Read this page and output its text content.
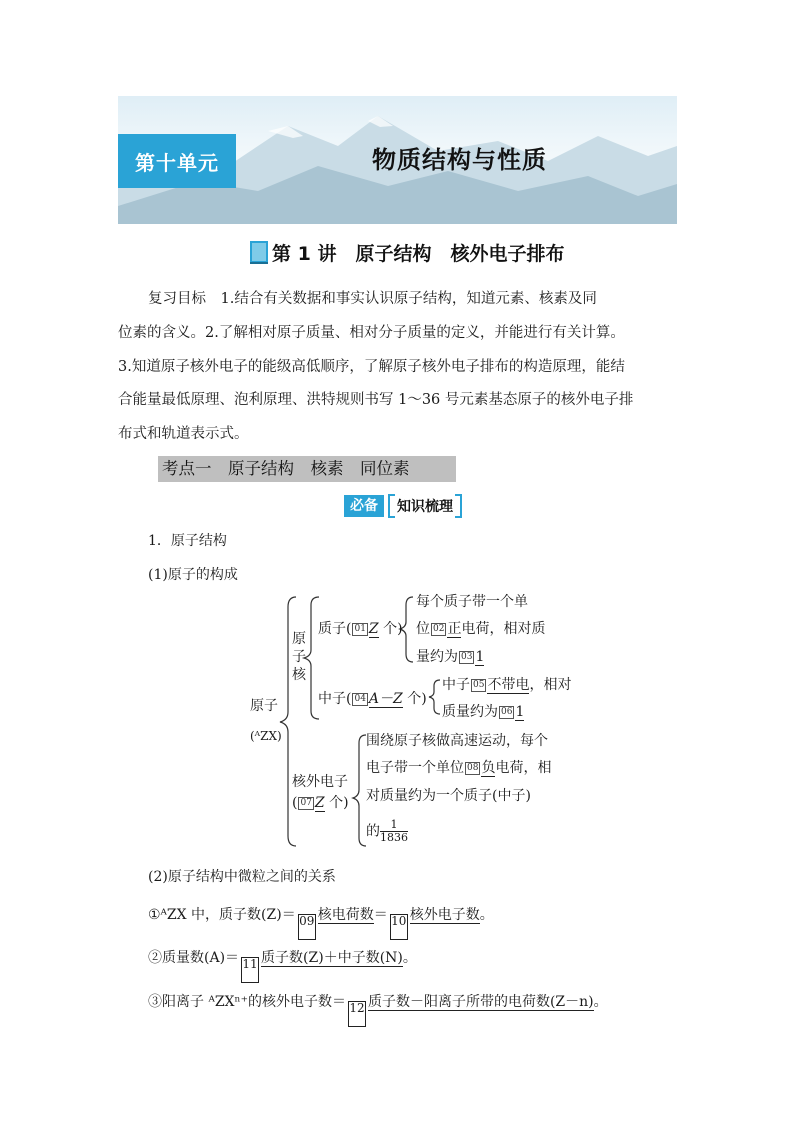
第十单元	物质结构与性质
第 1 讲　原子结构　核外电子排布
复习目标　1.结合有关数据和事实认识原子结构，知道元素、核素及同
位素的含义。2.了解相对原子质量、相对分子质量的定义，并能进行有关计算。
3.知道原子核外电子的能级高低顺序，了解原子核外电子排布的构造原理，能结
合能量最低原理、泡利原理、洪特规则书写 1～36 号元素基态原子的核外电子排
布式和轨道表示式。
考点一　原子结构　核素　同位素
必备	知识梳理
1．原子结构
(1)原子的构成
原子
(ᴬZX)
原子核
质子( 01 Z 个)
每个质子带一个单
位 02 正电荷，相对质
量约为 03 1
中子( 04 A－Z 个)
中子 05 不带电，相对
质量约为 06 1
核外电子
( 07 Z 个)
围绕原子核做高速运动，每个
电子带一个单位 08 负电荷，相
对质量约为一个质子(中子)
的 $\frac{1}{1836}$
(2)原子结构中微粒之间的关系
①ᴬZX 中，质子数(Z)＝ 09 核电荷数＝ 10 核外电子数。
②质量数(A)＝ 11 质子数(Z)＋中子数(N)。
③阳离子 ᴬZXⁿ⁺的核外电子数＝ 12 质子数－阳离子所带的电荷数(Z－n)。
